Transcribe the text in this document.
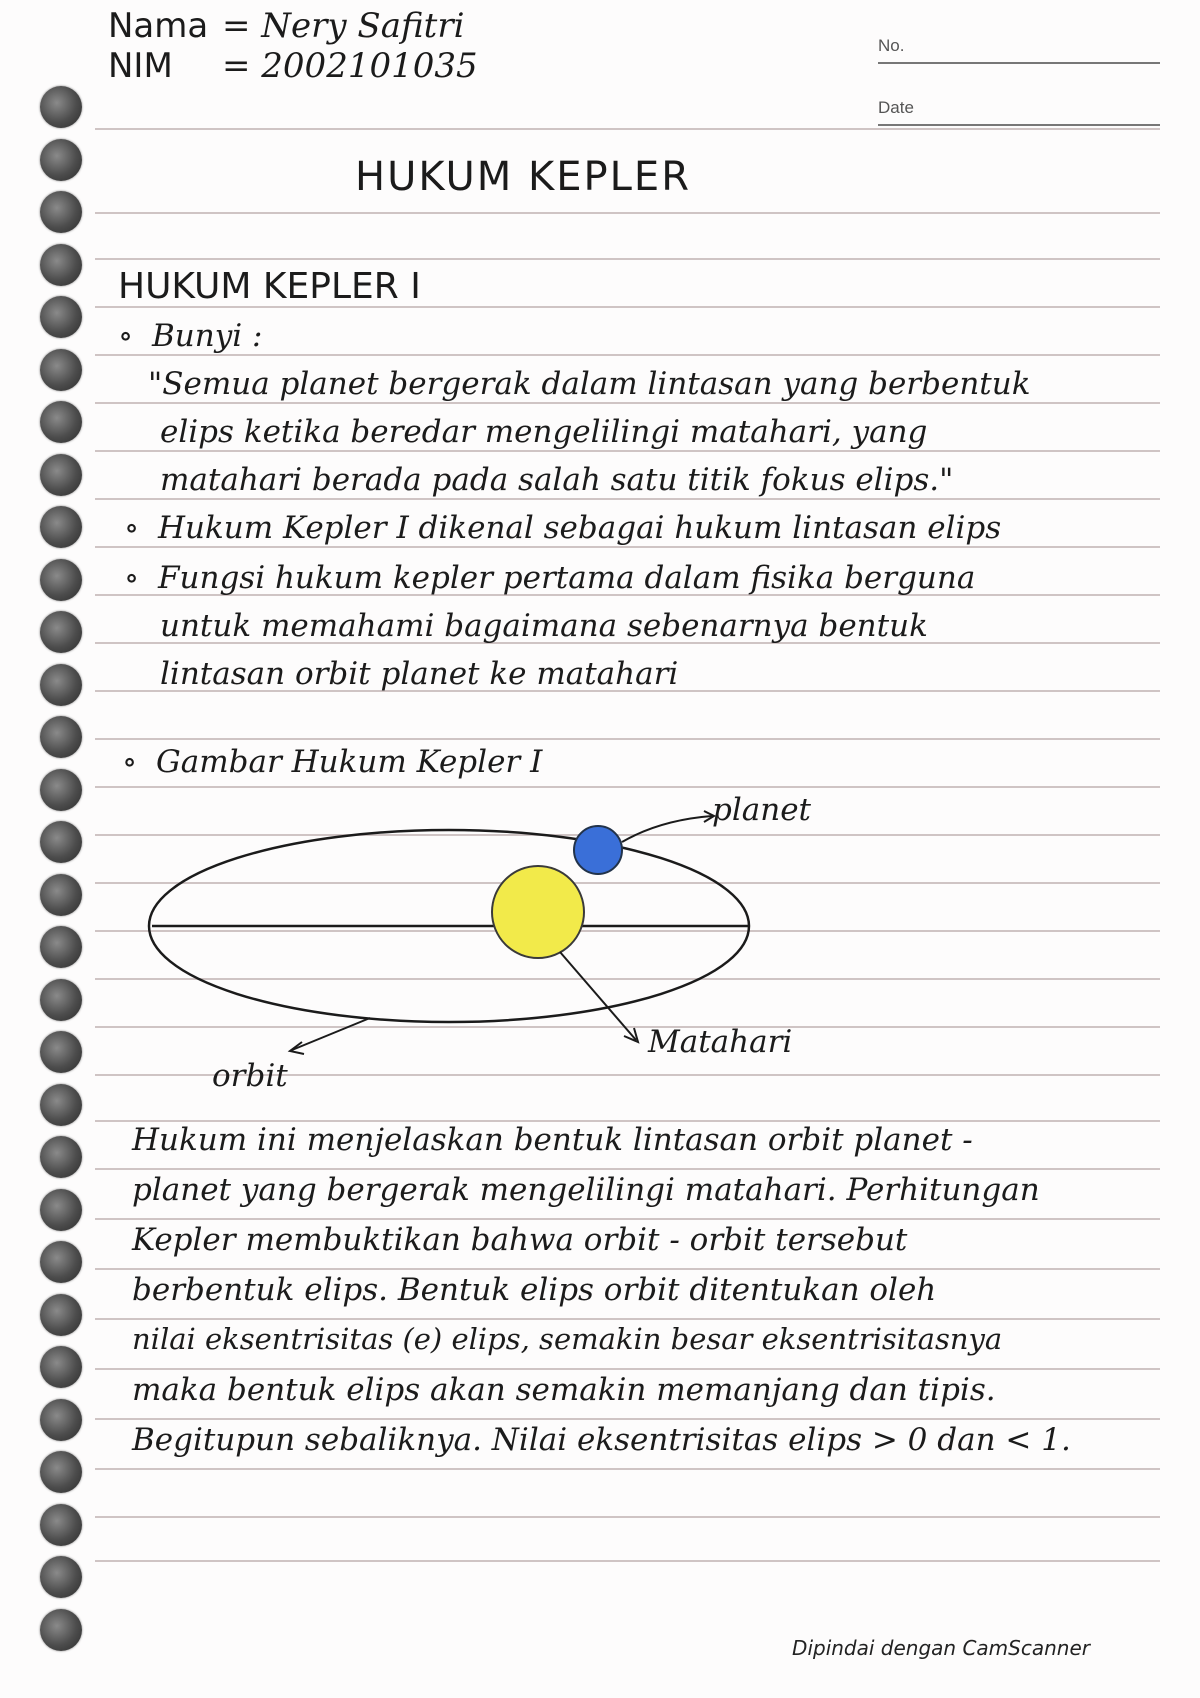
Nama = Nery Safitri
NIM = 2002101035
No.
Date
HUKUM KEPLER
HUKUM KEPLER I
∘ Bunyi :
"Semua planet bergerak dalam lintasan yang berbentuk
elips ketika beredar mengelilingi matahari, yang
matahari berada pada salah satu titik fokus elips."
∘ Hukum Kepler I dikenal sebagai hukum lintasan elips
∘ Fungsi hukum kepler pertama dalam fisika berguna
untuk memahami bagaimana sebenarnya bentuk
lintasan orbit planet ke matahari
∘ Gambar Hukum Kepler I
planet
Matahari
orbit
Hukum ini menjelaskan bentuk lintasan orbit planet -
planet yang bergerak mengelilingi matahari. Perhitungan
Kepler membuktikan bahwa orbit - orbit tersebut
berbentuk elips. Bentuk elips orbit ditentukan oleh
nilai eksentrisitas (e) elips, semakin besar eksentrisitasnya
maka bentuk elips akan semakin memanjang dan tipis.
Begitupun sebaliknya. Nilai eksentrisitas elips > 0 dan < 1.
Dipindai dengan CamScanner
